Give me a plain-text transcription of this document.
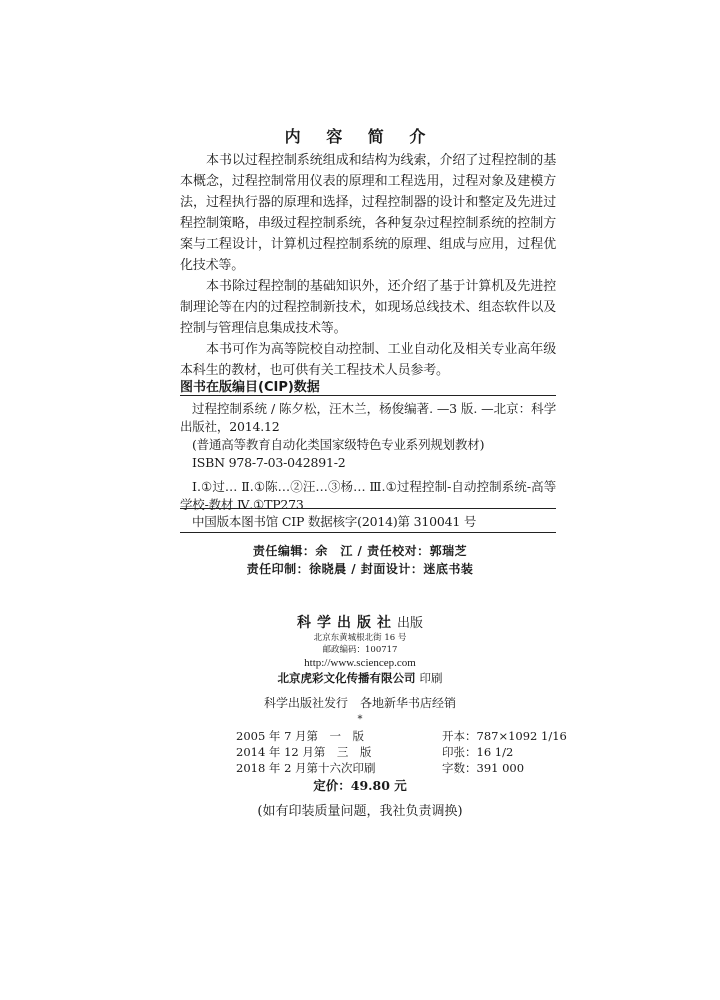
内 容 简 介

本书以过程控制系统组成和结构为线索，介绍了过程控制的基本概念，过程控制常用仪表的原理和工程选用，过程对象及建模方法，过程执行器的原理和选择，过程控制器的设计和整定及先进过程控制策略，串级过程控制系统，各种复杂过程控制系统的控制方案与工程设计，计算机过程控制系统的原理、组成与应用，过程优化技术等。

本书除过程控制的基础知识外，还介绍了基于计算机及先进控制理论等在内的过程控制新技术，如现场总线技术、组态软件以及控制与管理信息集成技术等。

本书可作为高等院校自动控制、工业自动化及相关专业高年级本科生的教材，也可供有关工程技术人员参考。

图书在版编目(CIP)数据

过程控制系统 / 陈夕松，汪木兰，杨俊编著. —3 版. —北京：科学出版社，2014.12

(普通高等教育自动化类国家级特色专业系列规划教材)

ISBN 978-7-03-042891-2

Ⅰ.①过… Ⅱ.①陈…②汪…③杨… Ⅲ.①过程控制-自动控制系统-高等学校-教材 Ⅳ.①TP273

中国版本图书馆 CIP 数据核字(2014)第 310041 号
责任编辑：余　江 / 责任校对：郭瑞芝
责任印制：徐晓晨 / 封面设计：迷底书装
科学出版社出版
北京东黄城根北街 16 号
邮政编码：100717
http://www.sciencep.com
北京虎彩文化传播有限公司 印刷
科学出版社发行　各地新华书店经销
*
2005 年 7 月第　一　版	开本：787×1092 1/16
2014 年 12 月第　三　版	印张：16 1/2
2018 年 2 月第十六次印刷	字数：391 000
定价：49.80 元
(如有印装质量问题，我社负责调换)
